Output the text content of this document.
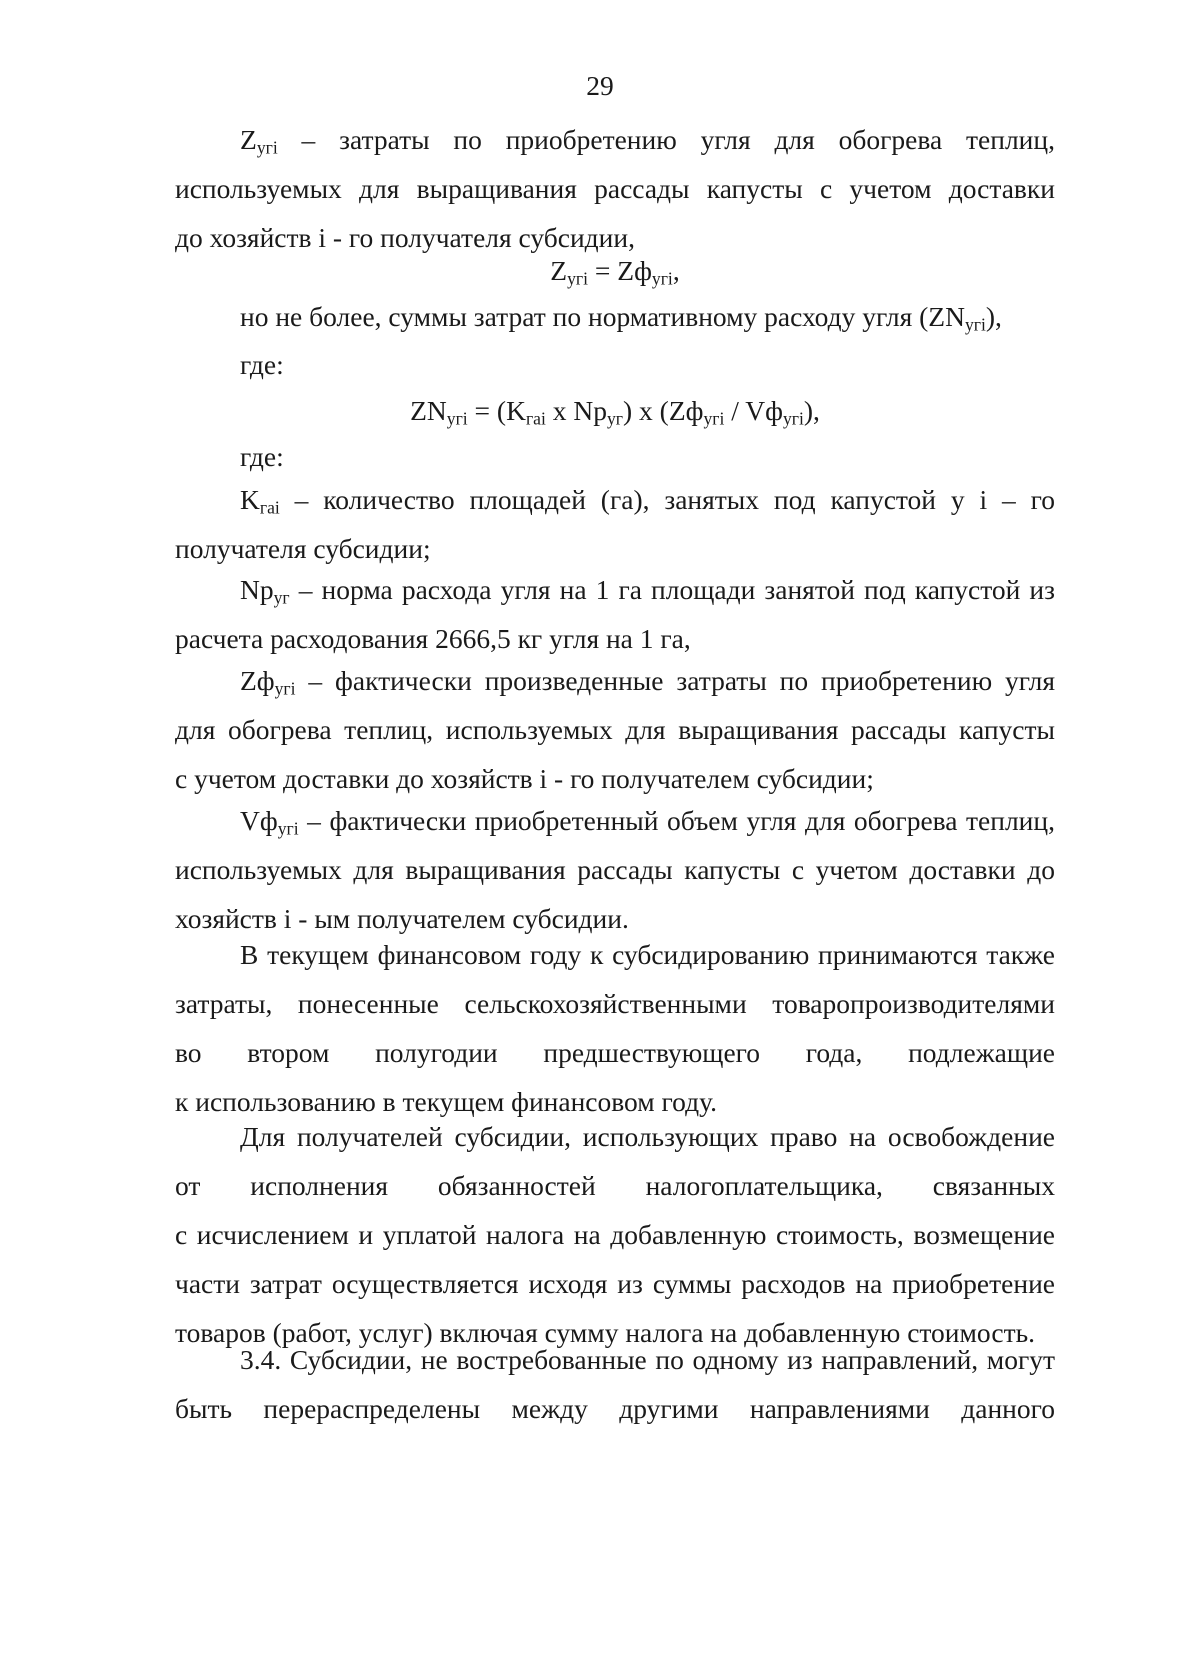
29
$Z_{угi}$ – затраты по приобретению угля для обогрева теплиц,
используемых для выращивания рассады капусты с учетом доставки
до хозяйств i - го получателя субсидии,
$Z_{угi} = Zф_{угi}$,
но не более, суммы затрат по нормативному расходу угля $(ZN_{угi})$,
где:
$ZN_{угi} = (K_{гаi}$ х $Np_{уг}$) х $(Zф_{угi} / Vф_{угi})$,
где:
$K_{гаi}$ – количество площадей (га), занятых под капустой у i – го
получателя субсидии;
$Np_{уг}$ – норма расхода угля на 1 га площади занятой под капустой из
расчета расходования 2666,5 кг угля на 1 га,
$Zф_{угi}$ – фактически произведенные затраты по приобретению угля
для обогрева теплиц, используемых для выращивания рассады капусты
с учетом доставки до хозяйств i - го получателем субсидии;
$Vф_{угi}$ – фактически приобретенный объем угля для обогрева теплиц,
используемых для выращивания рассады капусты с учетом доставки до
хозяйств i - ым получателем субсидии.
В текущем финансовом году к субсидированию принимаются также
затраты, понесенные сельскохозяйственными товаропроизводителями
во втором полугодии предшествующего года, подлежащие
к использованию в текущем финансовом году.
Для получателей субсидии, использующих право на освобождение
от исполнения обязанностей налогоплательщика, связанных
с исчислением и уплатой налога на добавленную стоимость, возмещение
части затрат осуществляется исходя из суммы расходов на приобретение
товаров (работ, услуг) включая сумму налога на добавленную стоимость.
3.4. Субсидии, не востребованные по одному из направлений, могут
быть перераспределены между другими направлениями данного
